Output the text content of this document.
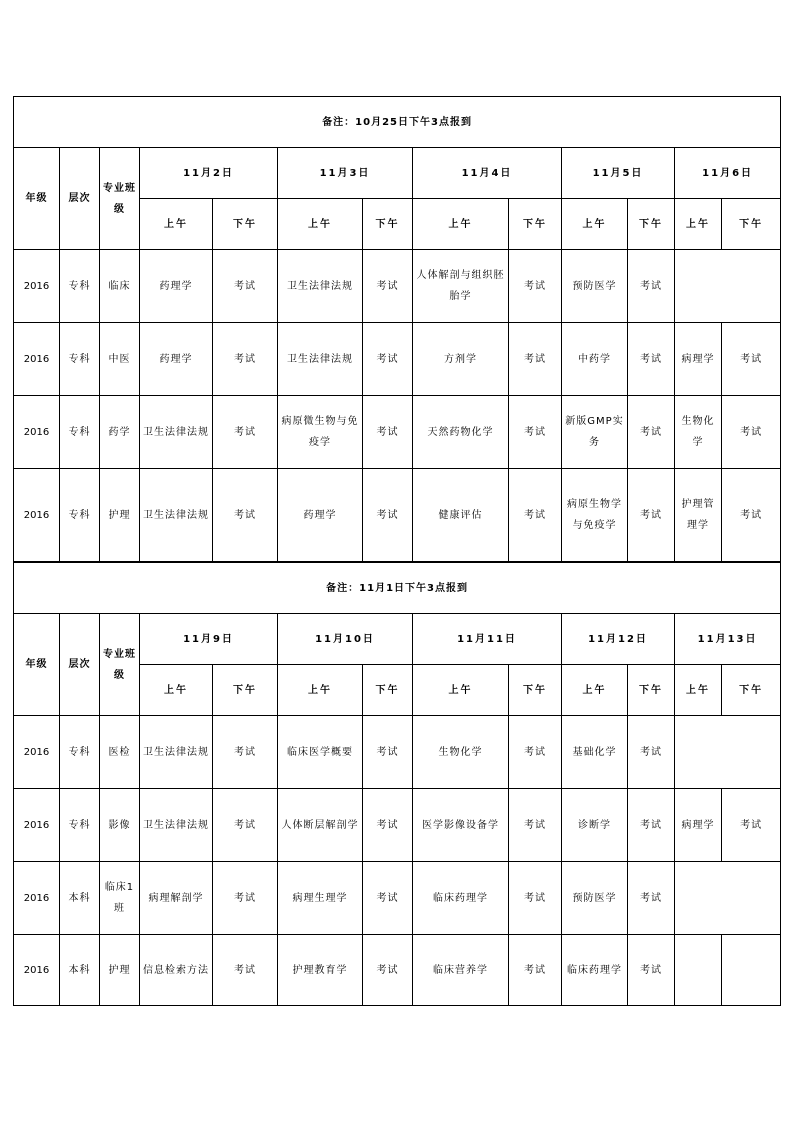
备注：10月25日下午3点报到												
年级	层次	专业班级	11月2日		11月3日		11月4日		11月5日		11月6日	
			上午	下午	上午	下午	上午	下午	上午	下午	上午	下午
2016	专科	临床	药理学	考试	卫生法律法规	考试	人体解剖与组织胚胎学	考试	预防医学	考试		
2016	专科	中医	药理学	考试	卫生法律法规	考试	方剂学	考试	中药学	考试	病理学	考试
2016	专科	药学	卫生法律法规	考试	病原微生物与免疫学	考试	天然药物化学	考试	新版GMP实务	考试	生物化学	考试
2016	专科	护理	卫生法律法规	考试	药理学	考试	健康评估	考试	病原生物学与免疫学	考试	护理管理学	考试
备注：11月1日下午3点报到												
年级	层次	专业班级	11月9日		11月10日		11月11日		11月12日		11月13日	
			上午	下午	上午	下午	上午	下午	上午	下午	上午	下午
2016	专科	医检	卫生法律法规	考试	临床医学概要	考试	生物化学	考试	基础化学	考试		
2016	专科	影像	卫生法律法规	考试	人体断层解剖学	考试	医学影像设备学	考试	诊断学	考试	病理学	考试
2016	本科	临床1班	病理解剖学	考试	病理生理学	考试	临床药理学	考试	预防医学	考试		
2016	本科	护理	信息检索方法	考试	护理教育学	考试	临床营养学	考试	临床药理学	考试		
